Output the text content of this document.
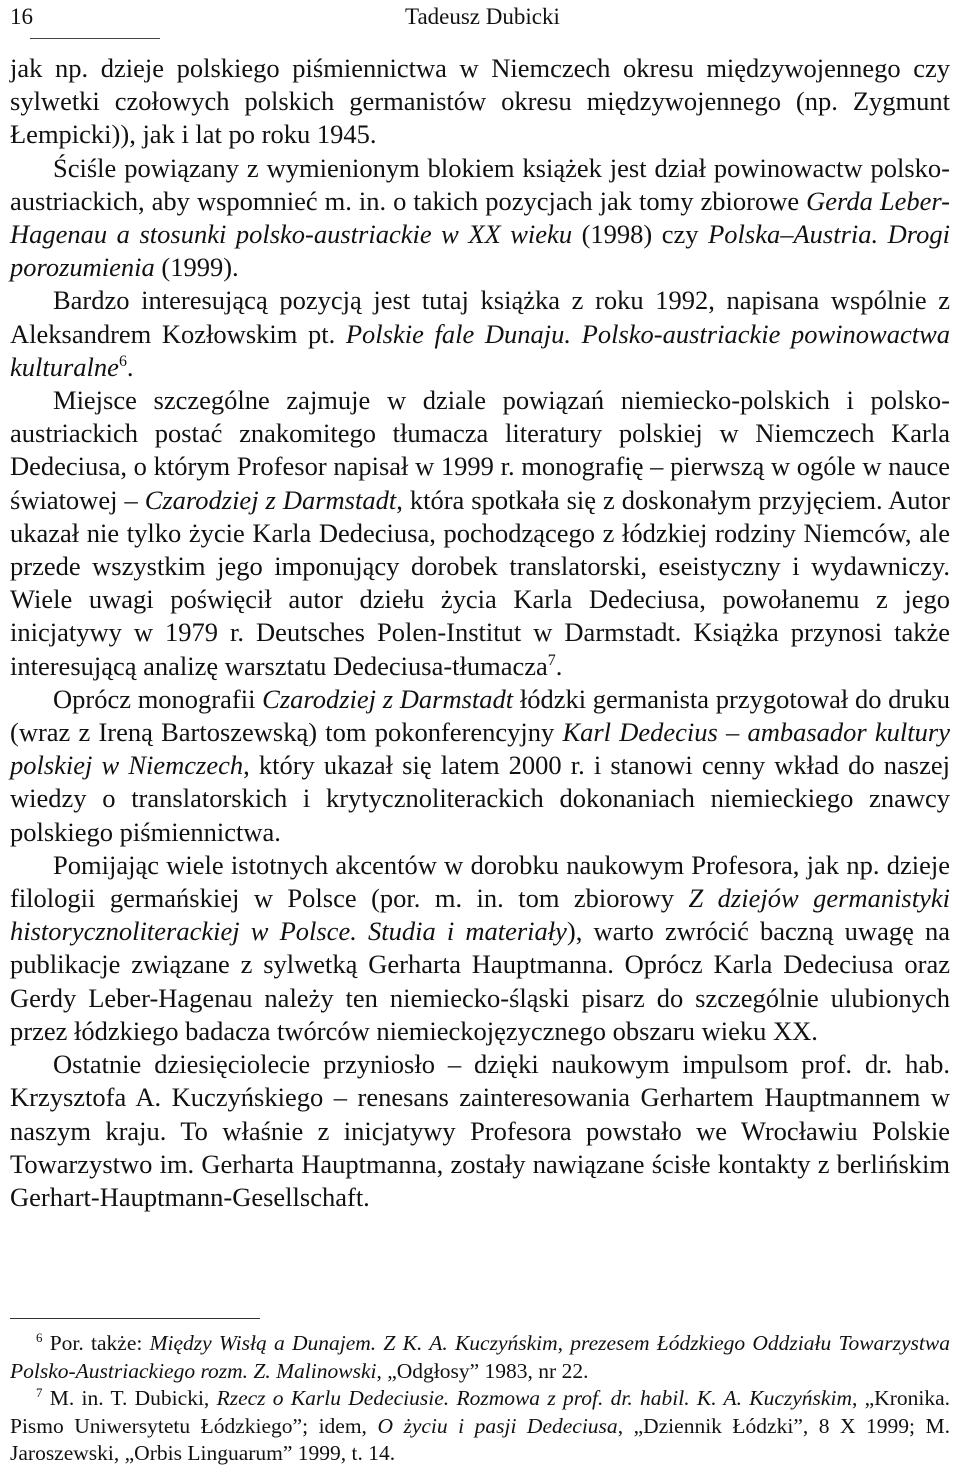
16	Tadeusz Dubicki

jak np. dzieje polskiego piśmiennictwa w Niemczech okresu międzywojennego czy sylwetki czołowych polskich germanistów okresu międzywojennego (np. Zygmunt Łempicki)), jak i lat po roku 1945.

Ściśle powiązany z wymienionym blokiem książek jest dział powinowactw polsko-austriackich, aby wspomnieć m. in. o takich pozycjach jak tomy zbiorowe Gerda Leber-Hagenau a stosunki polsko-austriackie w XX wieku (1998) czy Polska–Austria. Drogi porozumienia (1999).

Bardzo interesującą pozycją jest tutaj książka z roku 1992, napisana wspólnie z Aleksandrem Kozłowskim pt. Polskie fale Dunaju. Polsko-austriackie powinowactwa kulturalne$^6$.

Miejsce szczególne zajmuje w dziale powiązań niemiecko-polskich i polsko-austriackich postać znakomitego tłumacza literatury polskiej w Niemczech Karla Dedeciusa, o którym Profesor napisał w 1999 r. monografię – pierwszą w ogóle w nauce światowej – Czarodziej z Darmstadt, która spotkała się z doskonałym przyjęciem. Autor ukazał nie tylko życie Karla Dedeciusa, pochodzącego z łódzkiej rodziny Niemców, ale przede wszystkim jego imponujący dorobek translatorski, eseistyczny i wydawniczy. Wiele uwagi poświęcił autor dziełu życia Karla Dedeciusa, powołanemu z jego inicjatywy w 1979 r. Deutsches Polen-Institut w Darmstadt. Książka przynosi także interesującą analizę warsztatu Dedeciusa-tłumacza$^7$.

Oprócz monografii Czarodziej z Darmstadt łódzki germanista przygotował do druku (wraz z Ireną Bartoszewską) tom pokonferencyjny Karl Dedecius – ambasador kultury polskiej w Niemczech, który ukazał się latem 2000 r. i stanowi cenny wkład do naszej wiedzy o translatorskich i krytycznoliterackich dokonaniach niemieckiego znawcy polskiego piśmiennictwa.

Pomijając wiele istotnych akcentów w dorobku naukowym Profesora, jak np. dzieje filologii germańskiej w Polsce (por. m. in. tom zbiorowy Z dziejów germanistyki historycznoliterackiej w Polsce. Studia i materiały), warto zwrócić baczną uwagę na publikacje związane z sylwetką Gerharta Hauptmanna. Oprócz Karla Dedeciusa oraz Gerdy Leber-Hagenau należy ten niemiecko-śląski pisarz do szczególnie ulubionych przez łódzkiego badacza twórców niemieckojęzycznego obszaru wieku XX.

Ostatnie dziesięciolecie przyniosło – dzięki naukowym impulsom prof. dr. hab. Krzysztofa A. Kuczyńskiego – renesans zainteresowania Gerhartem Hauptmannem w naszym kraju. To właśnie z inicjatywy Profesora powstało we Wrocławiu Polskie Towarzystwo im. Gerharta Hauptmanna, zostały nawiązane ścisłe kontakty z berlińskim Gerhart-Hauptmann-Gesellschaft.

$^6$ Por. także: Między Wisłą a Dunajem. Z K. A. Kuczyńskim, prezesem Łódzkiego Oddziału Towarzystwa Polsko-Austriackiego rozm. Z. Malinowski, „Odgłosy” 1983, nr 22.

$^7$ M. in. T. Dubicki, Rzecz o Karlu Dedeciusie. Rozmowa z prof. dr. habil. K. A. Kuczyńskim, „Kronika. Pismo Uniwersytetu Łódzkiego”; idem, O życiu i pasji Dedeciusa, „Dziennik Łódzki”, 8 X 1999; M. Jaroszewski, „Orbis Linguarum” 1999, t. 14.
